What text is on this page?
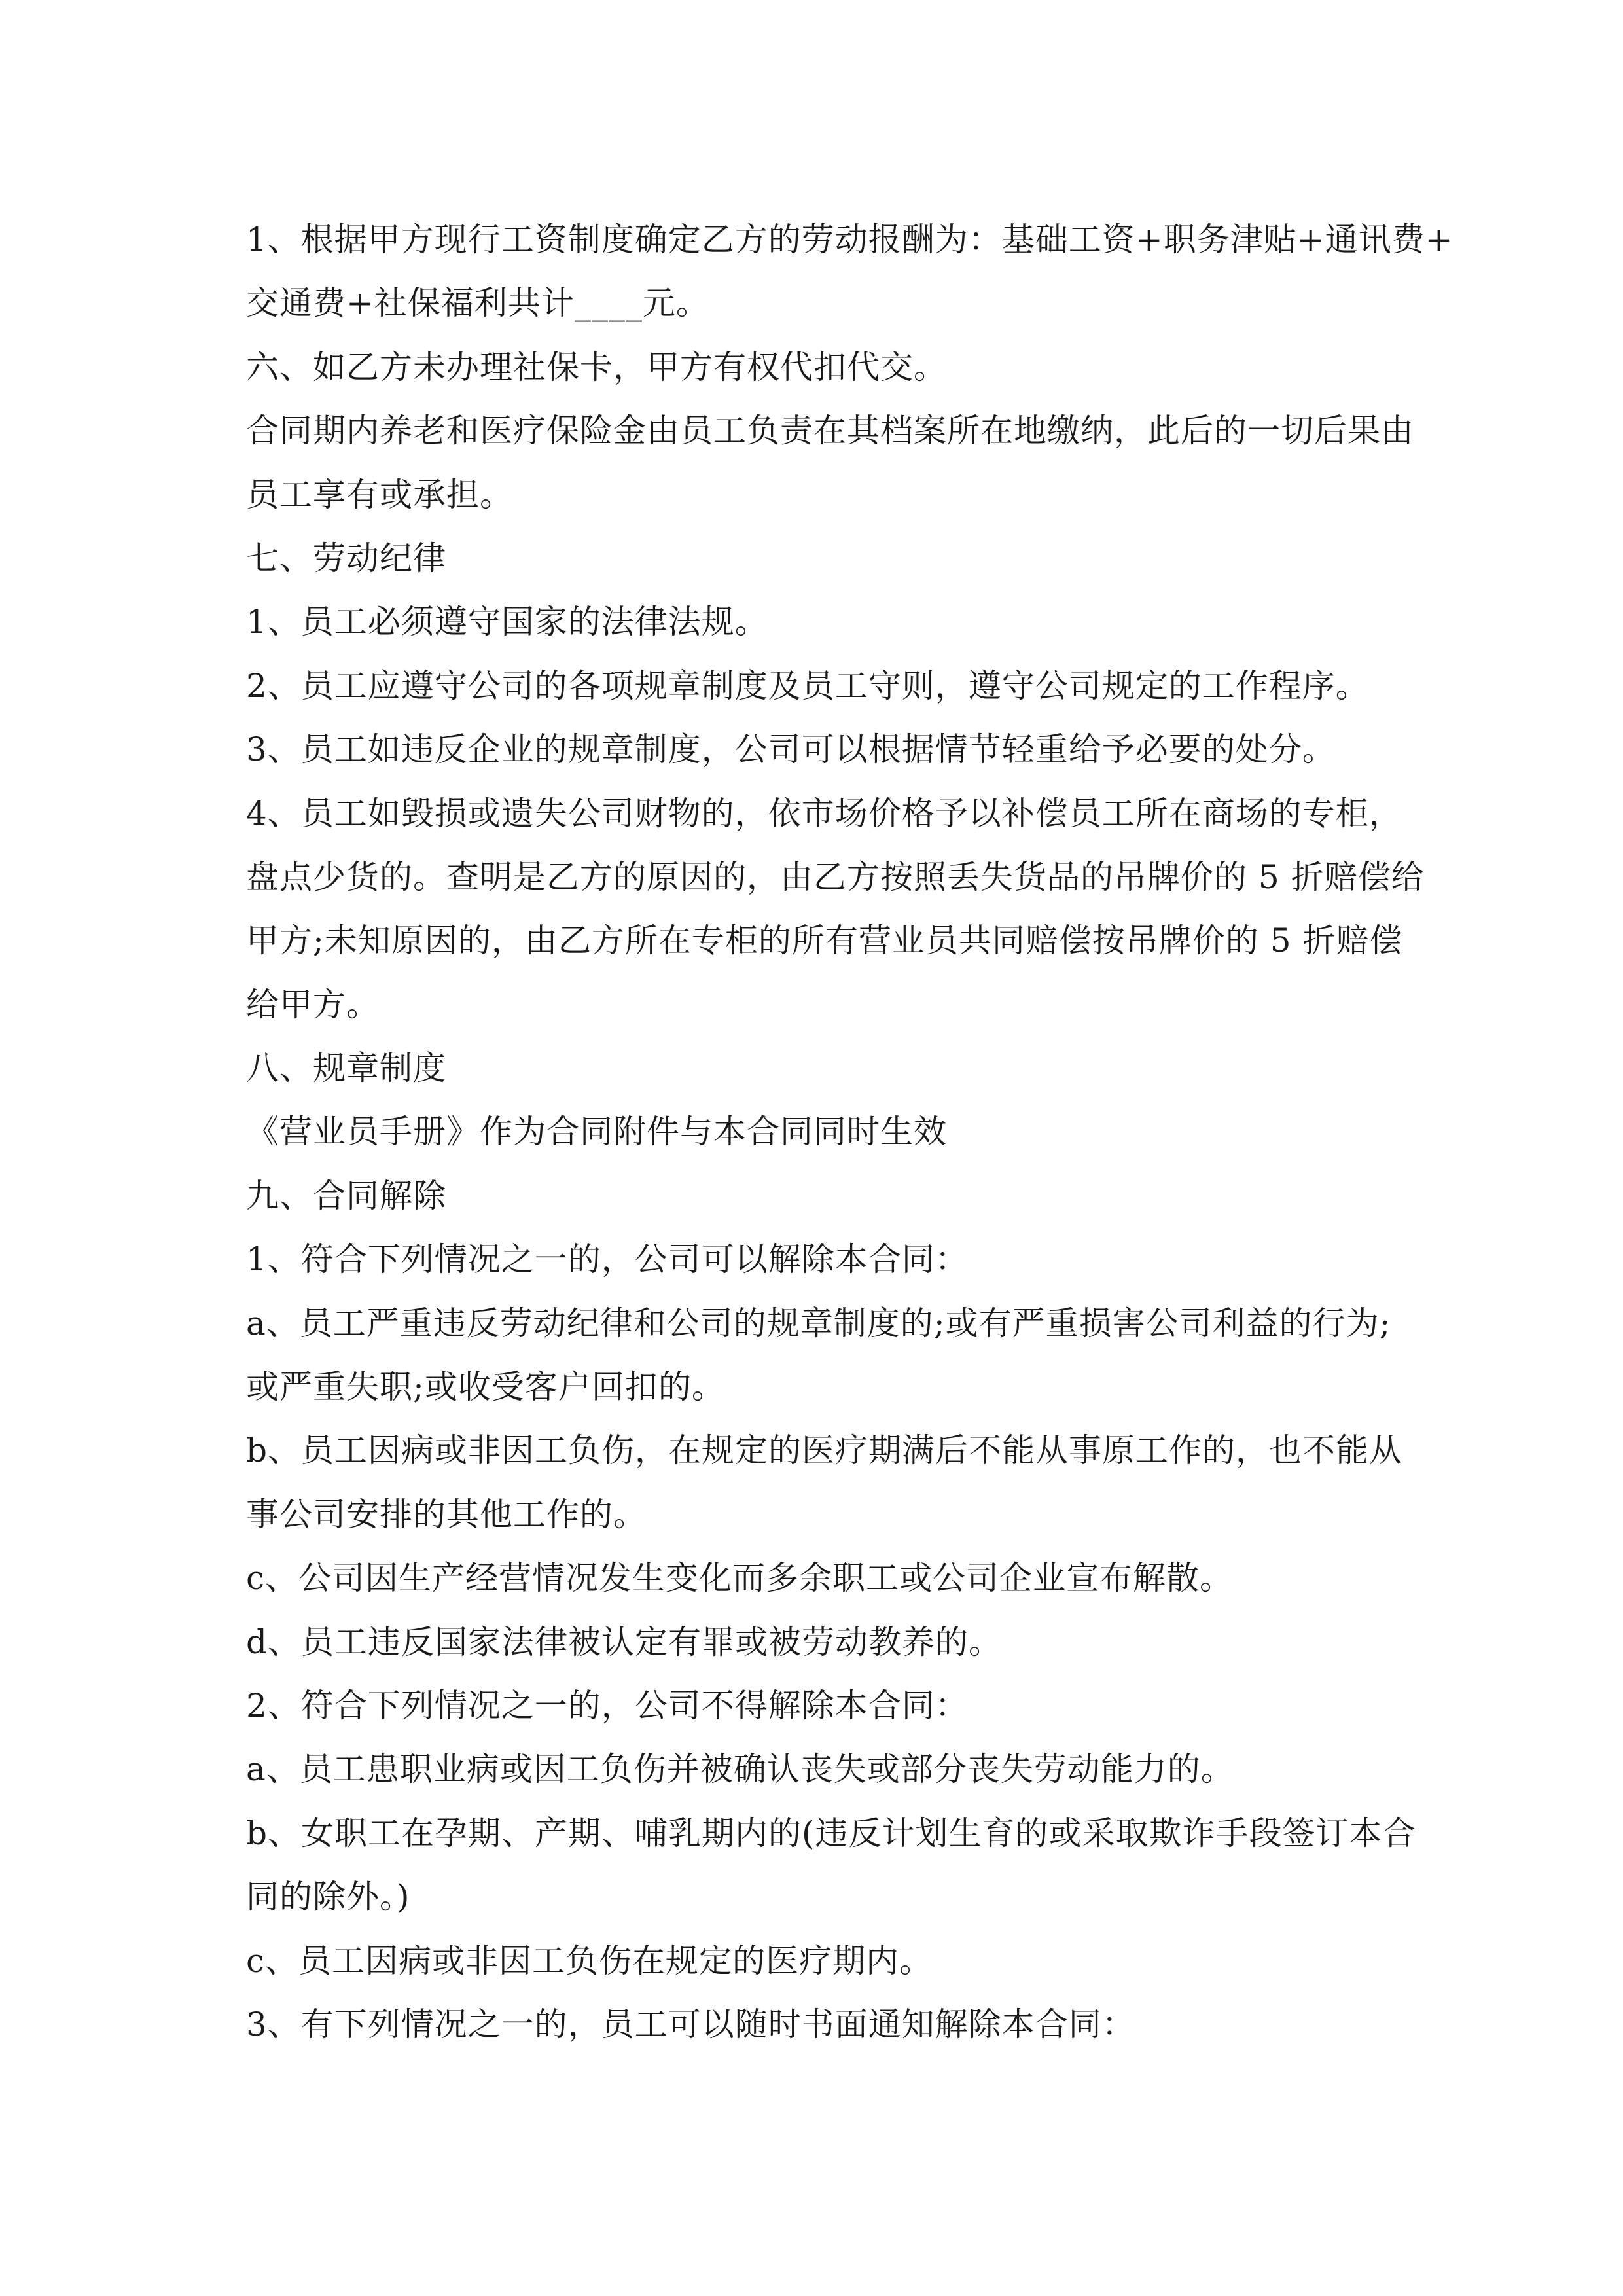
1、根据甲方现行工资制度确定乙方的劳动报酬为：基础工资+职务津贴+通讯费+
交通费+社保福利共计____元。
六、如乙方未办理社保卡，甲方有权代扣代交。
合同期内养老和医疗保险金由员工负责在其档案所在地缴纳，此后的一切后果由
员工享有或承担。
七、劳动纪律
1、员工必须遵守国家的法律法规。
2、员工应遵守公司的各项规章制度及员工守则，遵守公司规定的工作程序。
3、员工如违反企业的规章制度，公司可以根据情节轻重给予必要的处分。
4、员工如毁损或遗失公司财物的，依市场价格予以补偿员工所在商场的专柜，
盘点少货的。查明是乙方的原因的，由乙方按照丢失货品的吊牌价的 5 折赔偿给
甲方;未知原因的，由乙方所在专柜的所有营业员共同赔偿按吊牌价的 5 折赔偿
给甲方。
八、规章制度
《营业员手册》作为合同附件与本合同同时生效
九、合同解除
1、符合下列情况之一的，公司可以解除本合同：
a、员工严重违反劳动纪律和公司的规章制度的;或有严重损害公司利益的行为;
或严重失职;或收受客户回扣的。
b、员工因病或非因工负伤，在规定的医疗期满后不能从事原工作的，也不能从
事公司安排的其他工作的。
c、公司因生产经营情况发生变化而多余职工或公司企业宣布解散。
d、员工违反国家法律被认定有罪或被劳动教养的。
2、符合下列情况之一的，公司不得解除本合同：
a、员工患职业病或因工负伤并被确认丧失或部分丧失劳动能力的。
b、女职工在孕期、产期、哺乳期内的(违反计划生育的或采取欺诈手段签订本合
同的除外。)
c、员工因病或非因工负伤在规定的医疗期内。
3、有下列情况之一的，员工可以随时书面通知解除本合同：
